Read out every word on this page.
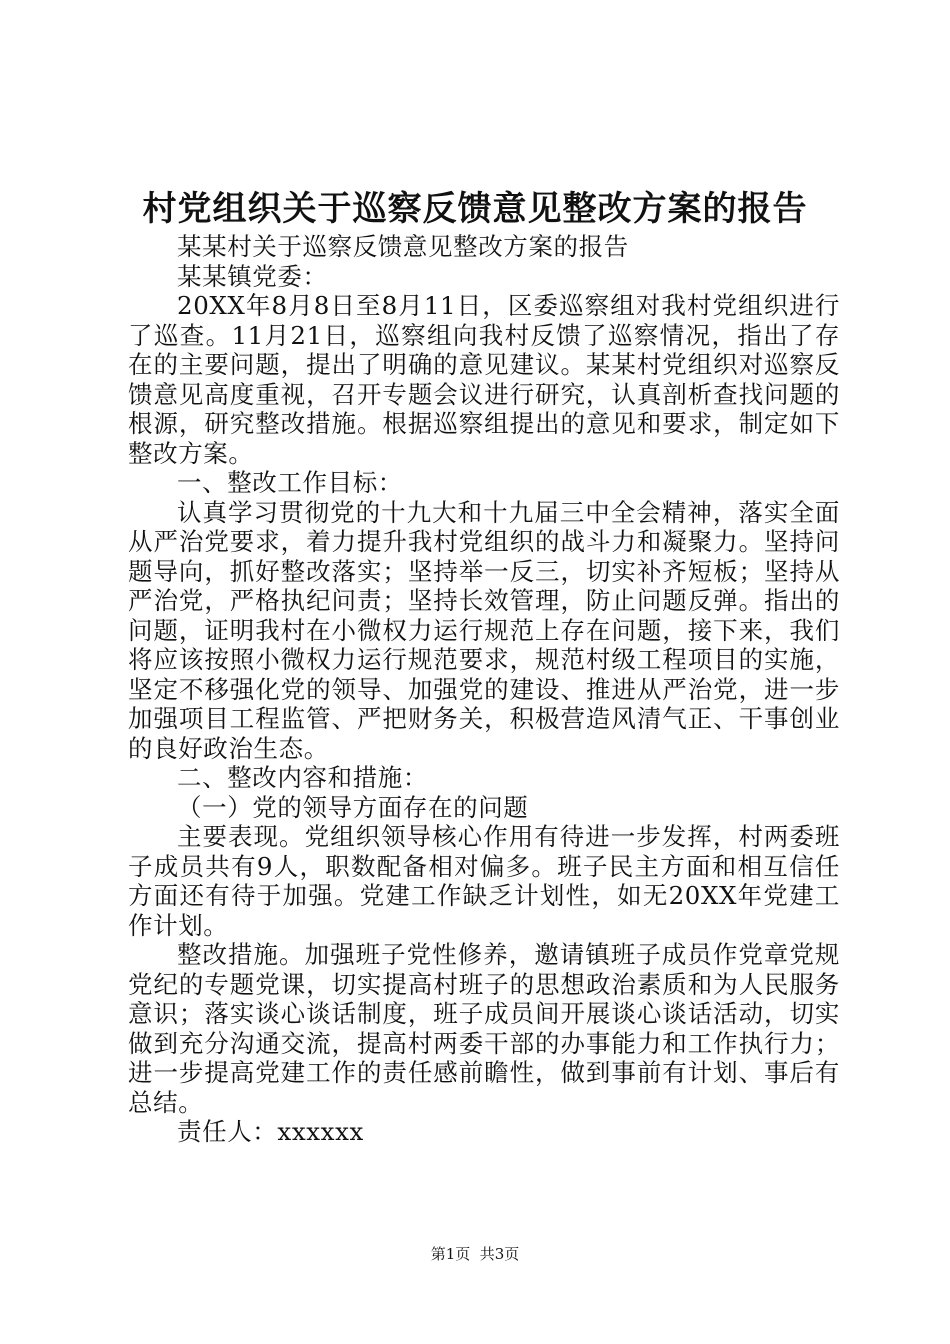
村党组织关于巡察反馈意见整改方案的报告

某某村关于巡察反馈意见整改方案的报告

某某镇党委：

20XX年8月8日至8月11日，区委巡察组对我村党组织进行了巡查。11月21日，巡察组向我村反馈了巡察情况，指出了存在的主要问题，提出了明确的意见建议。某某村党组织对巡察反馈意见高度重视，召开专题会议进行研究，认真剖析查找问题的根源，研究整改措施。根据巡察组提出的意见和要求，制定如下整改方案。

一、整改工作目标：

认真学习贯彻党的十九大和十九届三中全会精神，落实全面从严治党要求，着力提升我村党组织的战斗力和凝聚力。坚持问题导向，抓好整改落实；坚持举一反三，切实补齐短板；坚持从严治党，严格执纪问责；坚持长效管理，防止问题反弹。指出的问题，证明我村在小微权力运行规范上存在问题，接下来，我们将应该按照小微权力运行规范要求，规范村级工程项目的实施，坚定不移强化党的领导、加强党的建设、推进从严治党，进一步加强项目工程监管、严把财务关，积极营造风清气正、干事创业的良好政治生态。

二、整改内容和措施：

（一）党的领导方面存在的问题

主要表现。党组织领导核心作用有待进一步发挥，村两委班子成员共有9人，职数配备相对偏多。班子民主方面和相互信任方面还有待于加强。党建工作缺乏计划性，如无20XX年党建工作计划。

整改措施。加强班子党性修养，邀请镇班子成员作党章党规党纪的专题党课，切实提高村班子的思想政治素质和为人民服务意识；落实谈心谈话制度，班子成员间开展谈心谈话活动，切实做到充分沟通交流，提高村两委干部的办事能力和工作执行力；进一步提高党建工作的责任感前瞻性，做到事前有计划、事后有总结。

责任人：xxxxxx

第1页  共3页
